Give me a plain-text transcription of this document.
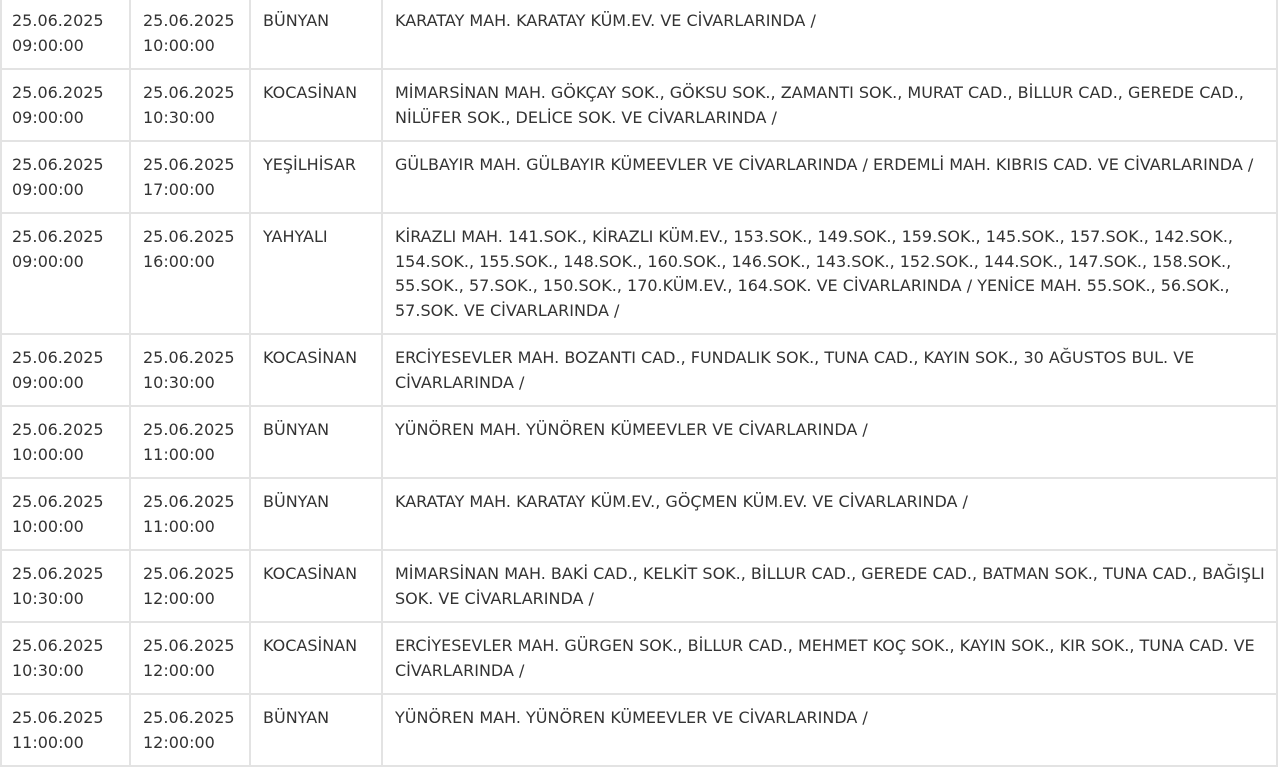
25.06.2025
09:00:00	25.06.2025
10:00:00	BÜNYAN	KARATAY MAH. KARATAY KÜM.EV. VE CİVARLARINDA /

25.06.2025
09:00:00	25.06.2025
10:30:00	KOCASİNAN	MİMARSİNAN MAH. GÖKÇAY SOK., GÖKSU SOK., ZAMANTI SOK., MURAT CAD., BİLLUR CAD., GEREDE CAD., NİLÜFER SOK., DELİCE SOK. VE CİVARLARINDA /

25.06.2025
09:00:00	25.06.2025
17:00:00	YEŞİLHİSAR	GÜLBAYIR MAH. GÜLBAYIR KÜMEEVLER VE CİVARLARINDA / ERDEMLİ MAH. KIBRIS CAD. VE CİVARLARINDA /

25.06.2025
09:00:00	25.06.2025
16:00:00	YAHYALI	KİRAZLI MAH. 141.SOK., KİRAZLI KÜM.EV., 153.SOK., 149.SOK., 159.SOK., 145.SOK., 157.SOK., 142.SOK., 154.SOK., 155.SOK., 148.SOK., 160.SOK., 146.SOK., 143.SOK., 152.SOK., 144.SOK., 147.SOK., 158.SOK., 55.SOK., 57.SOK., 150.SOK., 170.KÜM.EV., 164.SOK. VE CİVARLARINDA / YENİCE MAH. 55.SOK., 56.SOK., 57.SOK. VE CİVARLARINDA /

25.06.2025
09:00:00	25.06.2025
10:30:00	KOCASİNAN	ERCİYESEVLER MAH. BOZANTI CAD., FUNDALIK SOK., TUNA CAD., KAYIN SOK., 30 AĞUSTOS BUL. VE CİVARLARINDA /

25.06.2025
10:00:00	25.06.2025
11:00:00	BÜNYAN	YÜNÖREN MAH. YÜNÖREN KÜMEEVLER VE CİVARLARINDA /

25.06.2025
10:00:00	25.06.2025
11:00:00	BÜNYAN	KARATAY MAH. KARATAY KÜM.EV., GÖÇMEN KÜM.EV. VE CİVARLARINDA /

25.06.2025
10:30:00	25.06.2025
12:00:00	KOCASİNAN	MİMARSİNAN MAH. BAKİ CAD., KELKİT SOK., BİLLUR CAD., GEREDE CAD., BATMAN SOK., TUNA CAD., BAĞIŞLI SOK. VE CİVARLARINDA /

25.06.2025
10:30:00	25.06.2025
12:00:00	KOCASİNAN	ERCİYESEVLER MAH. GÜRGEN SOK., BİLLUR CAD., MEHMET KOÇ SOK., KAYIN SOK., KIR SOK., TUNA CAD. VE CİVARLARINDA /

25.06.2025
11:00:00	25.06.2025
12:00:00	BÜNYAN	YÜNÖREN MAH. YÜNÖREN KÜMEEVLER VE CİVARLARINDA /
